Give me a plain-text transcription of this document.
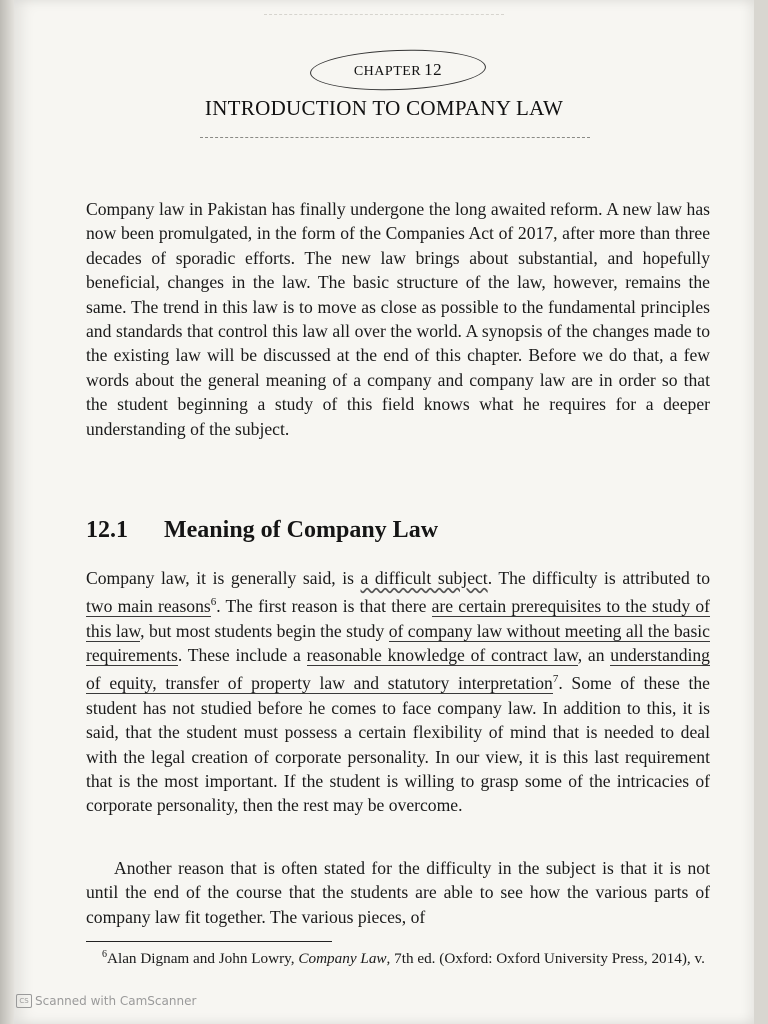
CHAPTER 12
INTRODUCTION TO COMPANY LAW

Company law in Pakistan has finally undergone the long awaited reform. A new law has now been promulgated, in the form of the Companies Act of 2017, after more than three decades of sporadic efforts. The new law brings about substantial, and hopefully beneficial, changes in the law. The basic structure of the law, however, remains the same. The trend in this law is to move as close as possible to the fundamental principles and standards that control this law all over the world. A synopsis of the changes made to the existing law will be discussed at the end of this chapter. Before we do that, a few words about the general meaning of a company and company law are in order so that the student beginning a study of this field knows what he requires for a deeper understanding of the subject.

12.1 Meaning of Company Law

Company law, it is generally said, is a difficult subject. The difficulty is attributed to two main reasons$^6$. The first reason is that there are certain prerequisites to the study of this law, but most students begin the study of company law without meeting all the basic requirements. These include a reasonable knowledge of contract law, an understanding of equity, transfer of property law and statutory interpretation$^7$. Some of these the student has not studied before he comes to face company law. In addition to this, it is said, that the student must possess a certain flexibility of mind that is needed to deal with the legal creation of corporate personality. In our view, it is this last requirement that is the most important. If the student is willing to grasp some of the intricacies of corporate personality, then the rest may be overcome.

Another reason that is often stated for the difficulty in the subject is that it is not until the end of the course that the students are able to see how the various parts of company law fit together. The various pieces, of

$^6$Alan Dignam and John Lowry, Company Law, 7th ed. (Oxford: Oxford University Press, 2014), v.

CS Scanned with CamScanner
